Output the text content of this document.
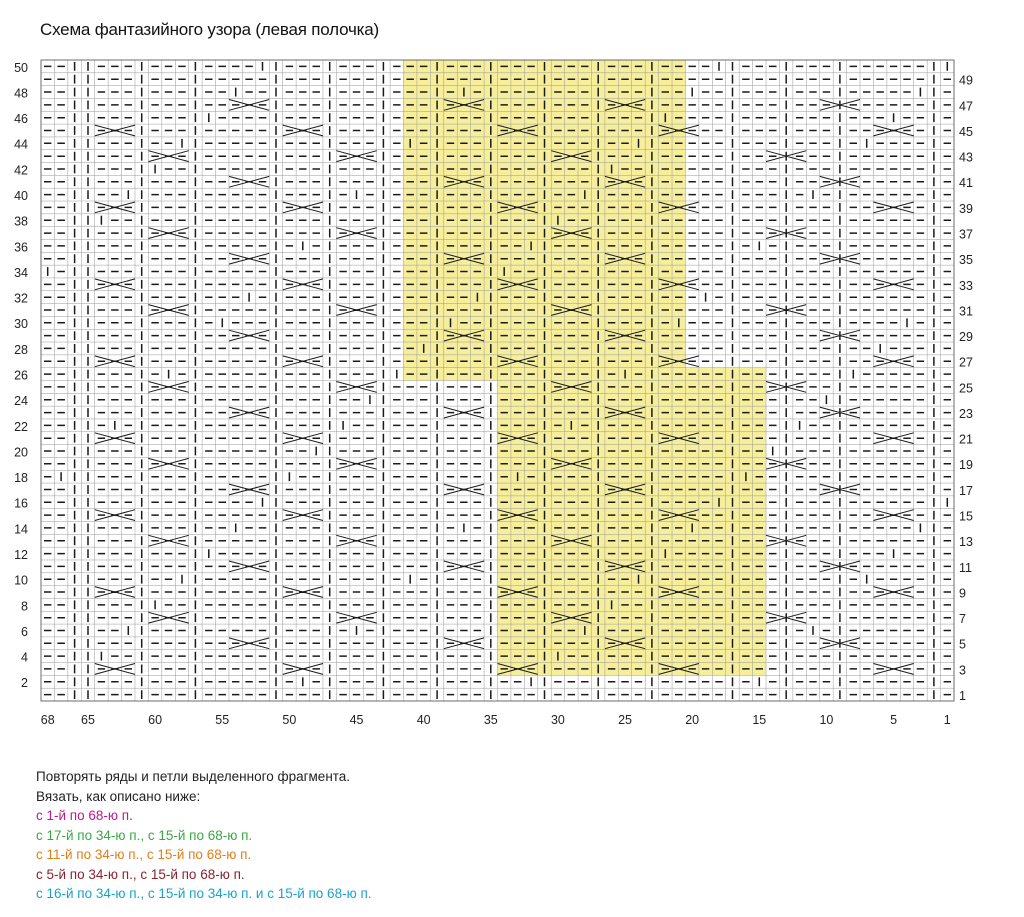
Схема фантазийного узора (левая полочка)
2
4
6
8
10
12
14
16
18
20
22
24
26
28
30
32
34
36
38
40
42
44
46
48
50
1
3
5
7
9
11
13
15
17
19
21
23
25
27
29
31
33
35
37
39
41
43
45
47
49
68 65	60	55	50	45	40	35	30	25	20	15	10	5	1
Повторять ряды и петли выделенного фрагмента.
Вязать, как описано ниже:
с 1-й по 68-ю п.
с 17-й по 34-ю п., с 15-й по 68-ю п.
с 11-й по 34-ю п., с 15-й по 68-ю п.
с 5-й по 34-ю п., с 15-й по 68-ю п.
с 16-й по 34-ю п., с 15-й по 34-ю п. и с 15-й по 68-ю п.
